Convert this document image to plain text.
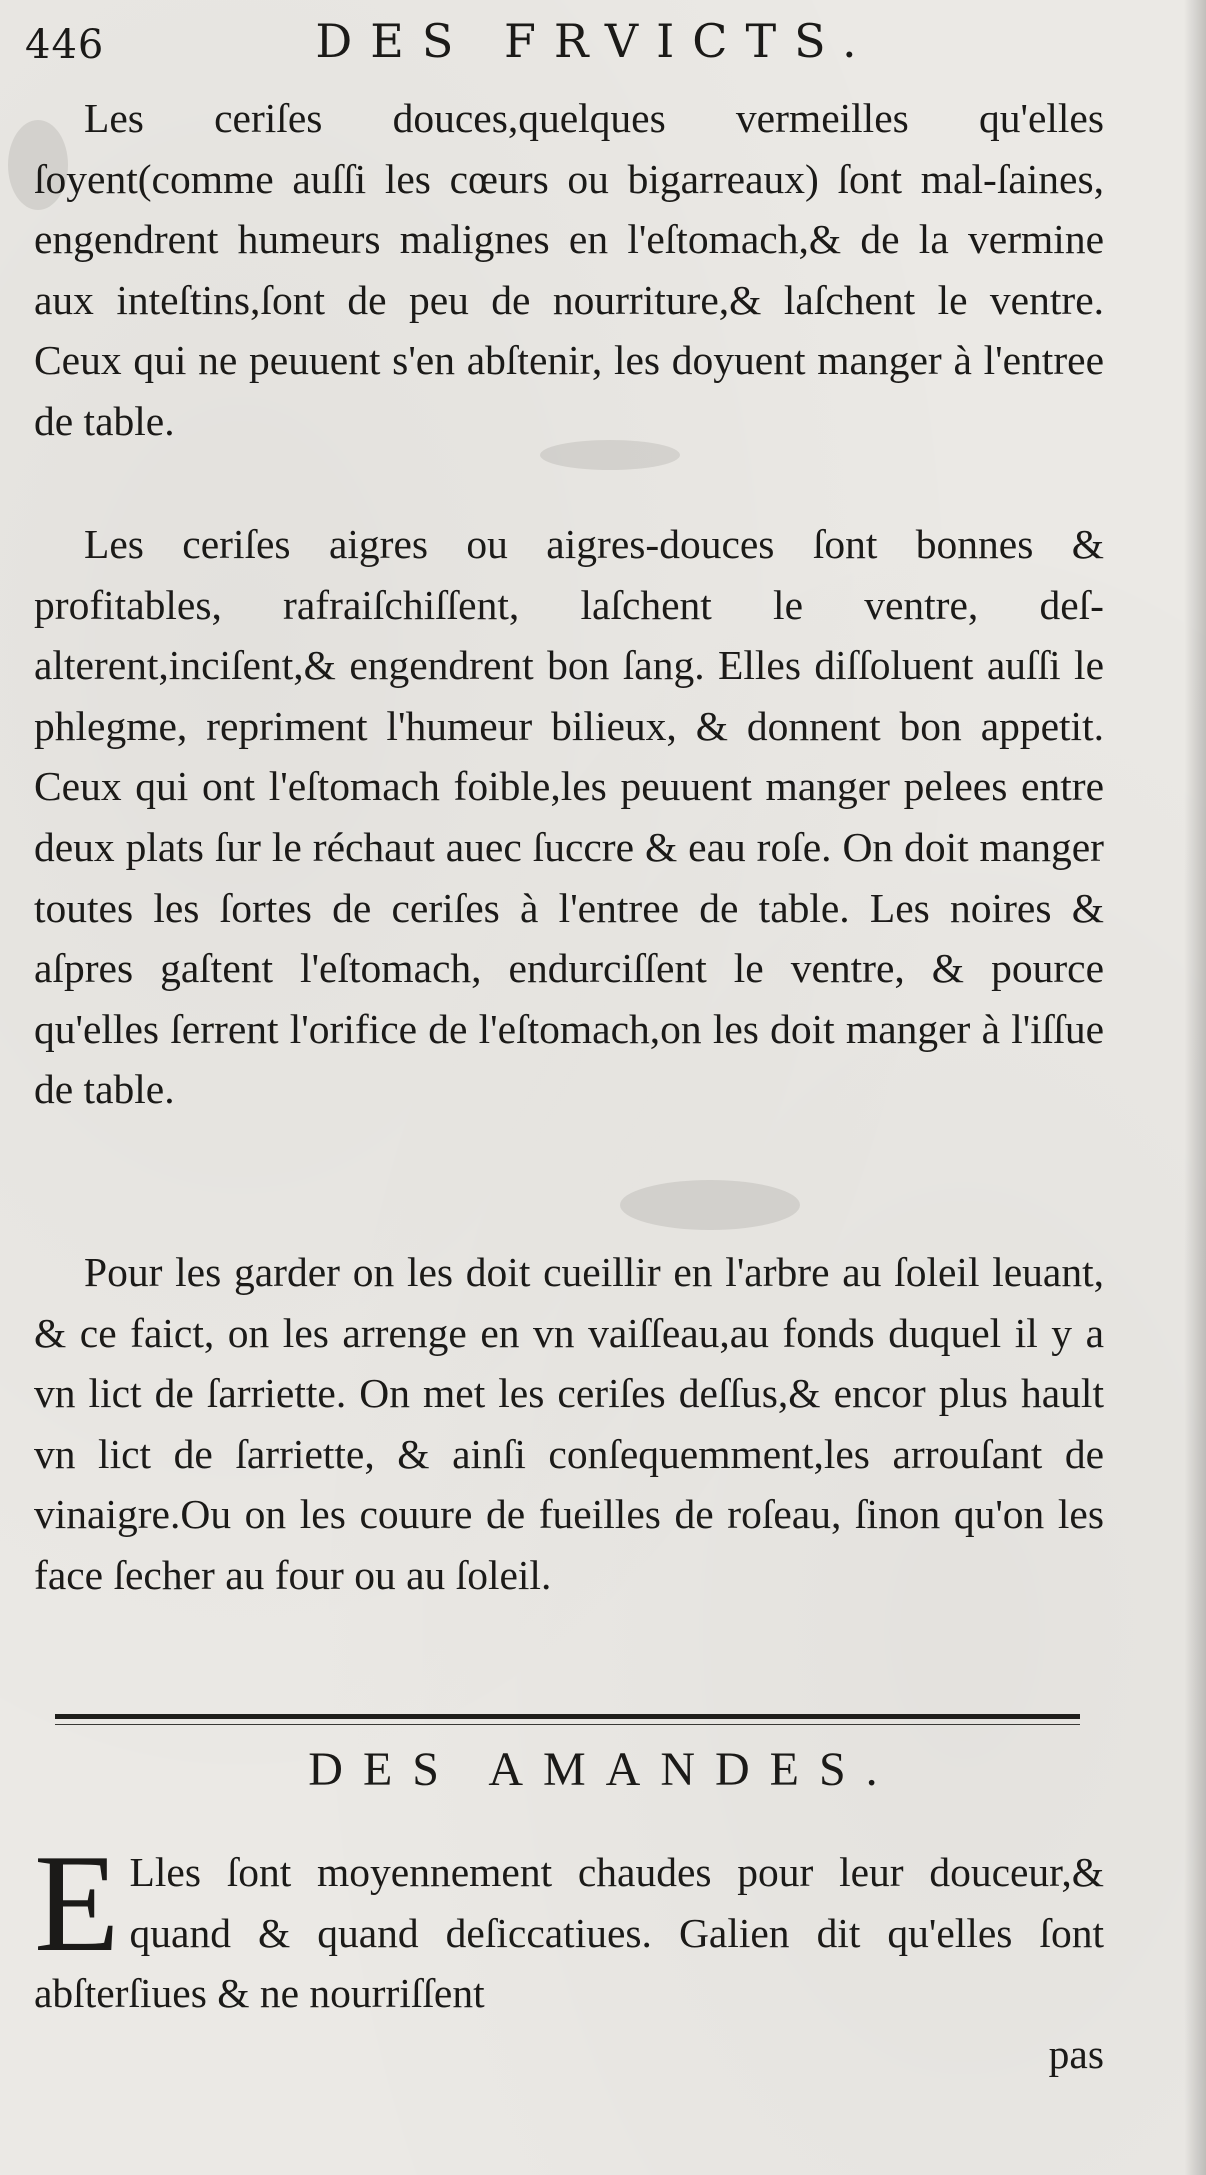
446	DES FRVICTS.

Les ceriſes douces,quelques vermeilles qu'elles ſoyent(comme auſſi les cœurs ou bigarreaux) ſont mal-ſaines, engendrent humeurs malignes en l'eſtomach,& de la vermine aux inteſtins,ſont de peu de nourriture,& laſchent le ventre. Ceux qui ne peuuent s'en abſtenir, les doyuent manger à l'entree de table.

Les ceriſes aigres ou aigres-douces ſont bonnes & profitables, rafraiſchiſſent, laſchent le ventre, deſ-alterent,inciſent,& engendrent bon ſang. Elles diſſoluent auſſi le phlegme, repriment l'humeur bilieux, & donnent bon appetit. Ceux qui ont l'eſtomach foible,les peuuent manger pelees entre deux plats ſur le réchaut auec ſuccre & eau roſe. On doit manger toutes les ſortes de ceriſes à l'entree de table. Les noires & aſpres gaſtent l'eſtomach, endurciſſent le ventre, & pource qu'elles ſerrent l'orifice de l'eſtomach,on les doit manger à l'iſſue de table.

Pour les garder on les doit cueillir en l'arbre au ſoleil leuant, & ce faict, on les arrenge en vn vaiſſeau,au fonds duquel il y a vn lict de ſarriette. On met les ceriſes deſſus,& encor plus hault vn lict de ſarriette, & ainſi conſequemment,les arrouſant de vinaigre.Ou on les couure de fueilles de roſeau, ſinon qu'on les face ſecher au four ou au ſoleil.

DES AMANDES.
E Lles ſont moyennement chaudes pour leur douceur,& quand & quand deſiccatiues. Galien dit qu'elles ſont abſterſiues & ne nourriſſent
pas
